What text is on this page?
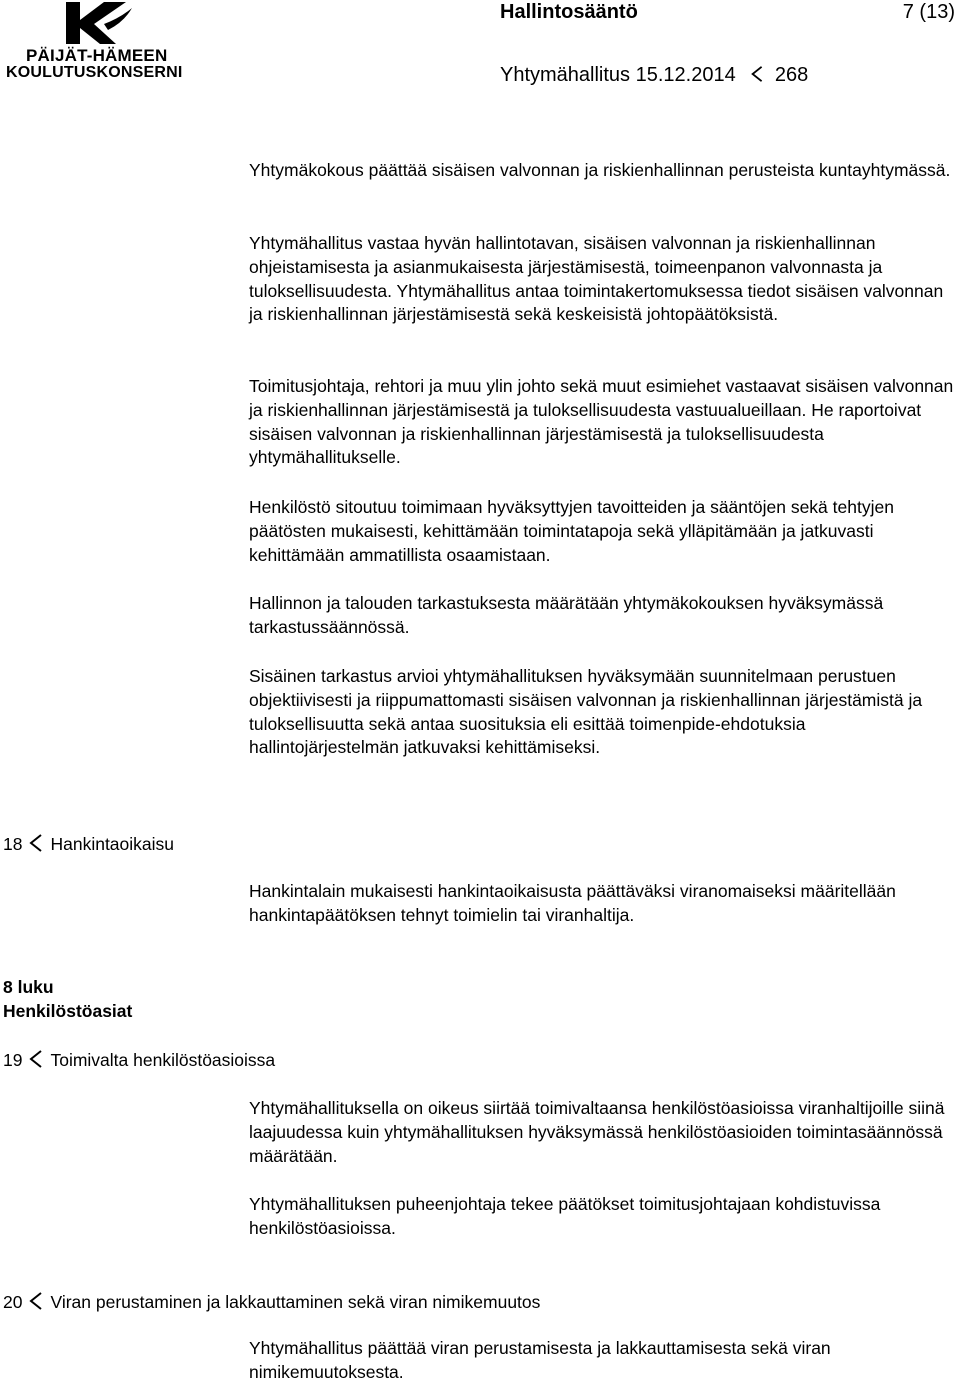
PÄIJÄT-HÄMEEN
KOULUTUSKONSERNI
Hallintosääntö	7 (13)
Yhtymähallitus 15.12.2014 268

Yhtymäkokous päättää sisäisen valvonnan ja riskienhallinnan perusteista kuntayhtymässä.

Yhtymähallitus vastaa hyvän hallintotavan, sisäisen valvonnan ja riskienhallinnan ohjeistamisesta ja asianmukaisesta järjestämisestä, toimeenpanon valvonnasta ja tuloksellisuudesta. Yhtymähallitus antaa toimintakertomuksessa tiedot sisäisen valvonnan ja riskienhallinnan järjestämisestä sekä keskeisistä johtopäätöksistä.

Toimitusjohtaja, rehtori ja muu ylin johto sekä muut esimiehet vastaavat sisäisen valvonnan ja riskienhallinnan järjestämisestä ja tuloksellisuudesta vastuualueillaan. He raportoivat sisäisen valvonnan ja riskienhallinnan järjestämisestä ja tuloksellisuudesta yhtymähallitukselle.

Henkilöstö sitoutuu toimimaan hyväksyttyjen tavoitteiden ja sääntöjen sekä tehtyjen päätösten mukaisesti, kehittämään toimintatapoja sekä ylläpitämään ja jatkuvasti kehittämään ammatillista osaamistaan.

Hallinnon ja talouden tarkastuksesta määrätään yhtymäkokouksen hyväksymässä tarkastussäännössä.

Sisäinen tarkastus arvioi yhtymähallituksen hyväksymään suunnitelmaan perustuen objektiivisesti ja riippumattomasti sisäisen valvonnan ja riskienhallinnan järjestämistä ja tuloksellisuutta sekä antaa suosituksia eli esittää toimenpide-ehdotuksia hallintojärjestelmän jatkuvaksi kehittämiseksi.

18 Hankintaoikaisu

Hankintalain mukaisesti hankintaoikaisusta päättäväksi viranomaiseksi määritellään hankintapäätöksen tehnyt toimielin tai viranhaltija.

8 luku
Henkilöstöasiat
19 Toimivalta henkilöstöasioissa

Yhtymähallituksella on oikeus siirtää toimivaltaansa henkilöstöasioissa viranhaltijoille siinä laajuudessa kuin yhtymähallituksen hyväksymässä henkilöstöasioiden toimintasäännössä määrätään.

Yhtymähallituksen puheenjohtaja tekee päätökset toimitusjohtajaan kohdistuvissa henkilöstöasioissa.

20 Viran perustaminen ja lakkauttaminen sekä viran nimikemuutos

Yhtymähallitus päättää viran perustamisesta ja lakkauttamisesta sekä viran nimikemuutoksesta.
